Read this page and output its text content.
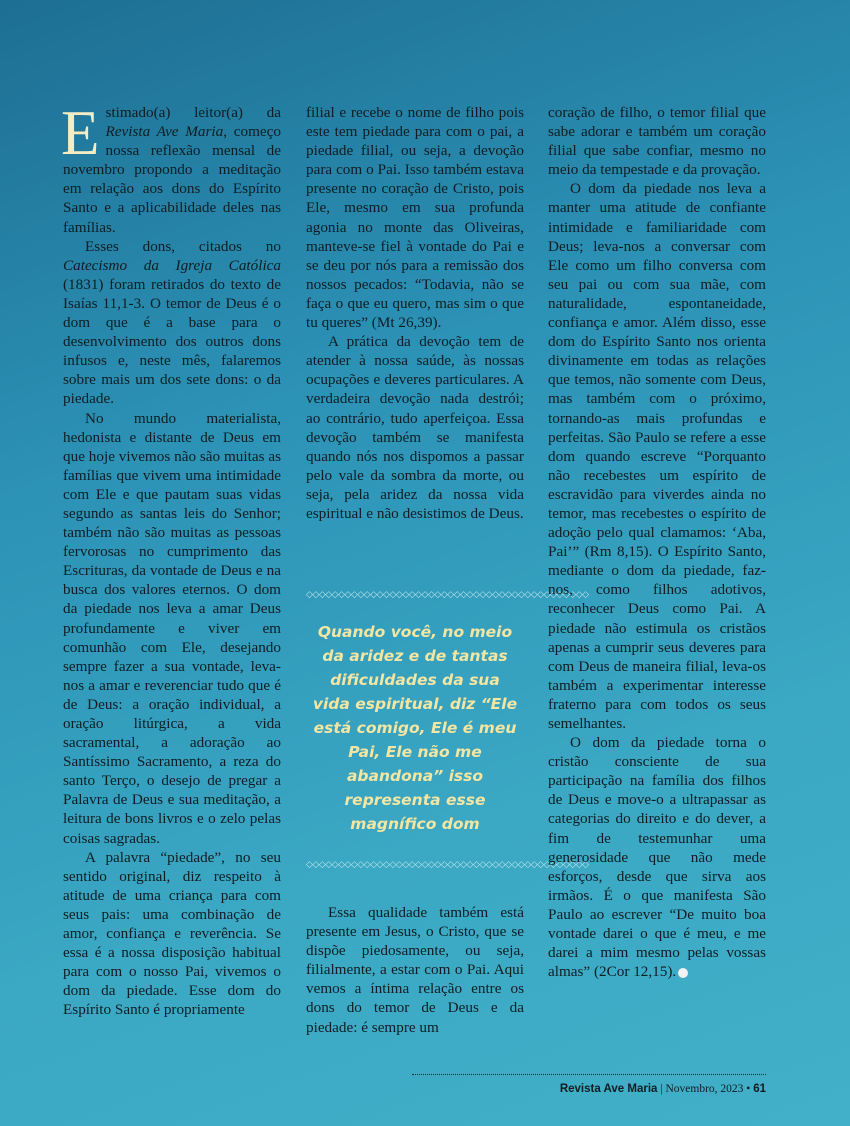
Estimado(a) leitor(a) da Revista Ave Maria, começo nossa reflexão mensal de novembro propondo a meditação em relação aos dons do Espírito Santo e a aplicabilidade deles nas famílias.

Esses dons, citados no Catecismo da Igreja Católica (1831) foram retirados do texto de Isaías 11,1-3. O temor de Deus é o dom que é a base para o desenvolvimento dos outros dons infusos e, neste mês, falaremos sobre mais um dos sete dons: o da piedade.

No mundo materialista, hedonista e distante de Deus em que hoje vivemos não são muitas as famílias que vivem uma intimidade com Ele e que pautam suas vidas segundo as santas leis do Senhor; também não são muitas as pessoas fervorosas no cumprimento das Escrituras, da vontade de Deus e na busca dos valores eternos. O dom da piedade nos leva a amar Deus profundamente e viver em comunhão com Ele, desejando sempre fazer a sua vontade, leva-nos a amar e reverenciar tudo que é de Deus: a oração individual, a oração litúrgica, a vida sacramental, a adoração ao Santíssimo Sacramento, a reza do santo Terço, o desejo de pregar a Palavra de Deus e sua meditação, a leitura de bons livros e o zelo pelas coisas sagradas.

A palavra “piedade”, no seu sentido original, diz respeito à atitude de uma criança para com seus pais: uma combinação de amor, confiança e reverência. Se essa é a nossa disposição habitual para com o nosso Pai, vivemos o dom da piedade. Esse dom do Espírito Santo é propriamente

filial e recebe o nome de filho pois este tem piedade para com o pai, a piedade filial, ou seja, a devoção para com o Pai. Isso também estava presente no coração de Cristo, pois Ele, mesmo em sua profunda agonia no monte das Oliveiras, manteve-se fiel à vontade do Pai e se deu por nós para a remissão dos nossos pecados: “Todavia, não se faça o que eu quero, mas sim o que tu queres” (Mt 26,39).

A prática da devoção tem de atender à nossa saúde, às nossas ocupações e deveres particulares. A verdadeira devoção nada destrói; ao contrário, tudo aperfeiçoa. Essa devoção também se manifesta quando nós nos dispomos a passar pelo vale da sombra da morte, ou seja, pela aridez da nossa vida espiritual e não desistimos de Deus.

◇◇◇◇◇◇◇◇◇◇◇◇◇◇◇◇◇◇◇◇◇◇◇◇◇◇◇◇◇◇◇◇◇◇◇◇◇◇◇◇◇◇◇◇
Quando você, no meio da aridez e de tantas dificuldades da sua vida espiritual, diz “Ele está comigo, Ele é meu Pai, Ele não me abandona” isso representa esse magnífico dom
◇◇◇◇◇◇◇◇◇◇◇◇◇◇◇◇◇◇◇◇◇◇◇◇◇◇◇◇◇◇◇◇◇◇◇◇◇◇◇◇◇◇◇◇

Essa qualidade também está presente em Jesus, o Cristo, que se dispõe piedosamente, ou seja, filialmente, a estar com o Pai. Aqui vemos a íntima relação entre os dons do temor de Deus e da piedade: é sempre um

coração de filho, o temor filial que sabe adorar e também um coração filial que sabe confiar, mesmo no meio da tempestade e da provação.

O dom da piedade nos leva a manter uma atitude de confiante intimidade e familiaridade com Deus; leva-nos a conversar com Ele como um filho conversa com seu pai ou com sua mãe, com naturalidade, espontaneidade, confiança e amor. Além disso, esse dom do Espírito Santo nos orienta divinamente em todas as relações que temos, não somente com Deus, mas também com o próximo, tornando-as mais profundas e perfeitas. São Paulo se refere a esse dom quando escreve “Porquanto não recebestes um espírito de escravidão para viverdes ainda no temor, mas recebestes o espírito de adoção pelo qual clamamos: ‘Aba, Pai’” (Rm 8,15). O Espírito Santo, mediante o dom da piedade, faz-nos, como filhos adotivos, reconhecer Deus como Pai. A piedade não estimula os cristãos apenas a cumprir seus deveres para com Deus de maneira filial, leva-os também a experimentar interesse fraterno para com todos os seus semelhantes.

O dom da piedade torna o cristão consciente de sua participação na família dos filhos de Deus e move-o a ultrapassar as categorias do direito e do dever, a fim de testemunhar uma generosidade que não mede esforços, desde que sirva aos irmãos. É o que manifesta São Paulo ao escrever “De muito boa vontade darei o que é meu, e me darei a mim mesmo pelas vossas almas” (2Cor 12,15).

Revista Ave Maria | Novembro, 2023 • 61
